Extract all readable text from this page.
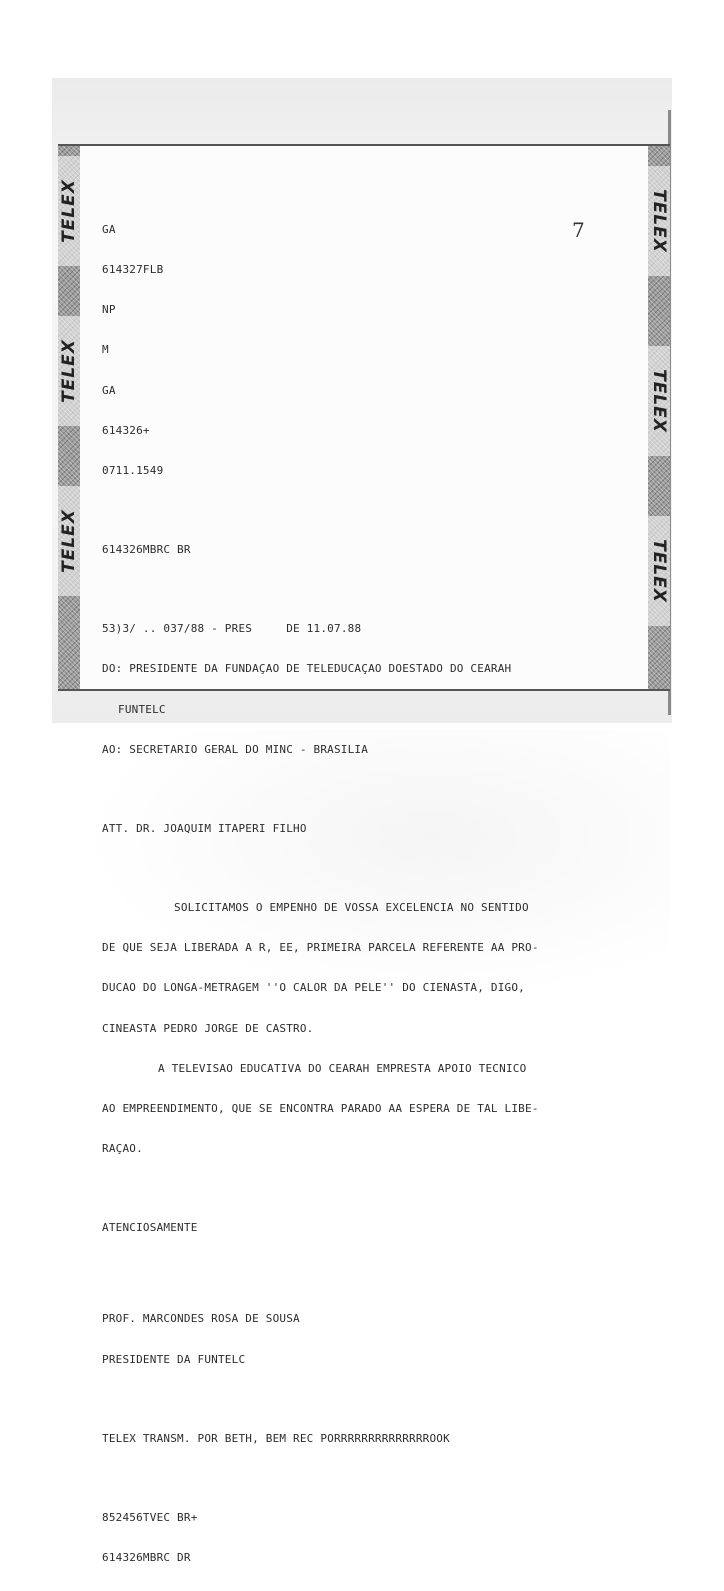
TELEX
TELEX
TELEX
TELEX
TELEX
TELEX

GA

614327FLB

NP

M

GA

614326+

0711.1549

614326MBRC BR

53)3/ .. 037/88 - PRES	DE 11.07.88

DO: PRESIDENTE DA FUNDAÇAO DE TELEDUCAÇAO DOESTADO DO CEARAH

FUNTELC

AO: SECRETARIO GERAL DO MINC - BRASILIA

ATT. DR. JOAQUIM ITAPERI FILHO

SOLICITAMOS O EMPENHO DE VOSSA EXCELENCIA NO SENTIDO

DE QUE SEJA LIBERADA A R, EE, PRIMEIRA PARCELA REFERENTE AA PRO-

DUCAO DO LONGA-METRAGEM ''O CALOR DA PELE'' DO CIENASTA, DIGO,

CINEASTA PEDRO JORGE DE CASTRO.

A TELEVISAO EDUCATIVA DO CEARAH EMPRESTA APOIO TECNICO

AO EMPREENDIMENTO, QUE SE ENCONTRA PARADO AA ESPERA DE TAL LIBE-

RAÇAO.

ATENCIOSAMENTE

PROF. MARCONDES ROSA DE SOUSA

PRESIDENTE DA FUNTELC

TELEX TRANSM. POR BETH, BEM REC PORRRRRRRRRRRRRROOK

852456TVEC BR+

614326MBRC DR

7
